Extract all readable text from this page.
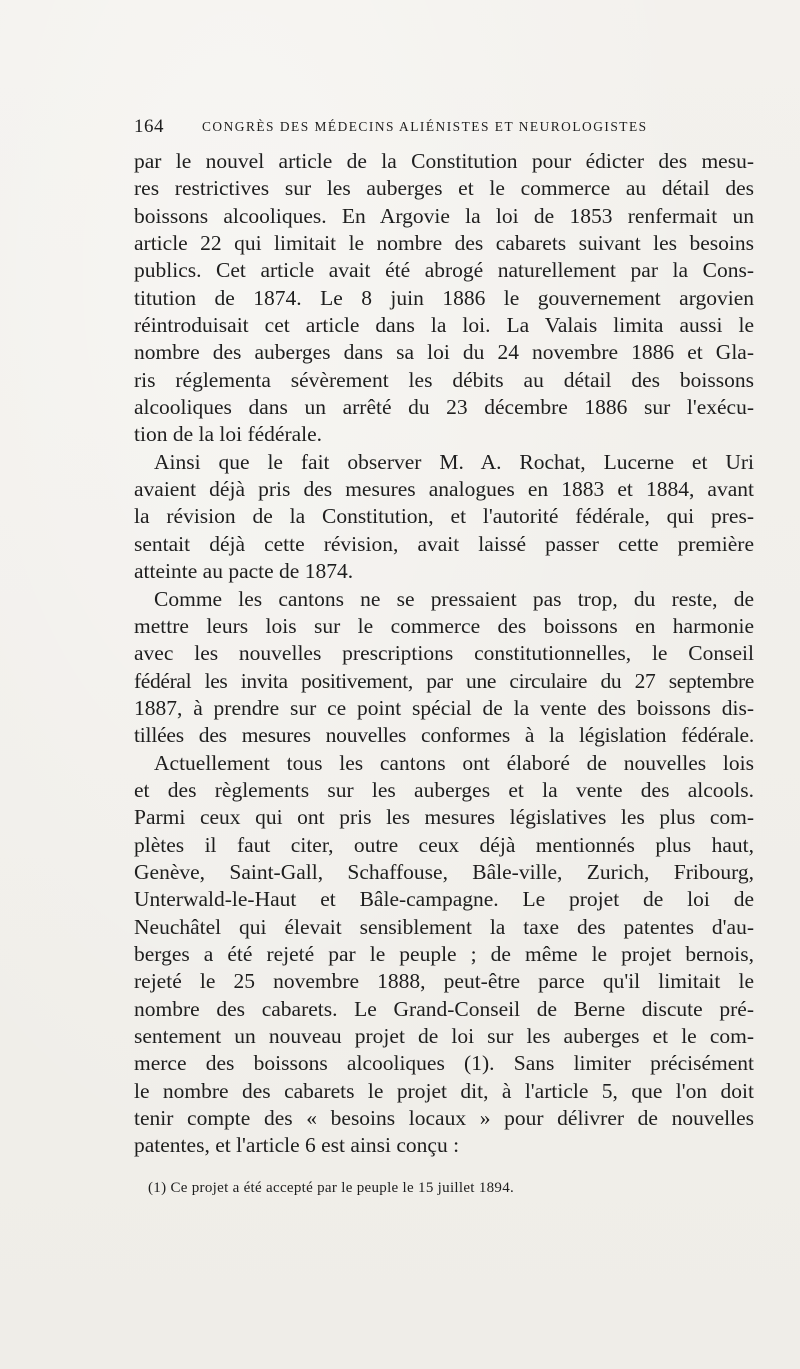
164	CONGRÈS DES MÉDECINS ALIÉNISTES ET NEUROLOGISTES
par le nouvel article de la Constitution pour édicter des mesu-
res restrictives sur les auberges et le commerce au détail des
boissons alcooliques. En Argovie la loi de 1853 renfermait un
article 22 qui limitait le nombre des cabarets suivant les besoins
publics. Cet article avait été abrogé naturellement par la Cons-
titution de 1874. Le 8 juin 1886 le gouvernement argovien
réintroduisait cet article dans la loi. La Valais limita aussi le
nombre des auberges dans sa loi du 24 novembre 1886 et Gla-
ris réglementa sévèrement les débits au détail des boissons
alcooliques dans un arrêté du 23 décembre 1886 sur l'exécu-
tion de la loi fédérale.
Ainsi que le fait observer M. A. Rochat, Lucerne et Uri
avaient déjà pris des mesures analogues en 1883 et 1884, avant
la révision de la Constitution, et l'autorité fédérale, qui pres-
sentait déjà cette révision, avait laissé passer cette première
atteinte au pacte de 1874.
Comme les cantons ne se pressaient pas trop, du reste, de
mettre leurs lois sur le commerce des boissons en harmonie
avec les nouvelles prescriptions constitutionnelles, le Conseil
fédéral les invita positivement, par une circulaire du 27 septembre
1887, à prendre sur ce point spécial de la vente des boissons dis-
tillées des mesures nouvelles conformes à la législation fédérale.
Actuellement tous les cantons ont élaboré de nouvelles lois
et des règlements sur les auberges et la vente des alcools.
Parmi ceux qui ont pris les mesures législatives les plus com-
plètes il faut citer, outre ceux déjà mentionnés plus haut,
Genève, Saint-Gall, Schaffouse, Bâle-ville, Zurich, Fribourg,
Unterwald-le-Haut et Bâle-campagne. Le projet de loi de
Neuchâtel qui élevait sensiblement la taxe des patentes d'au-
berges a été rejeté par le peuple ; de même le projet bernois,
rejeté le 25 novembre 1888, peut-être parce qu'il limitait le
nombre des cabarets. Le Grand-Conseil de Berne discute pré-
sentement un nouveau projet de loi sur les auberges et le com-
merce des boissons alcooliques (1). Sans limiter précisément
le nombre des cabarets le projet dit, à l'article 5, que l'on doit
tenir compte des « besoins locaux » pour délivrer de nouvelles
patentes, et l'article 6 est ainsi conçu :
(1) Ce projet a été accepté par le peuple le 15 juillet 1894.
